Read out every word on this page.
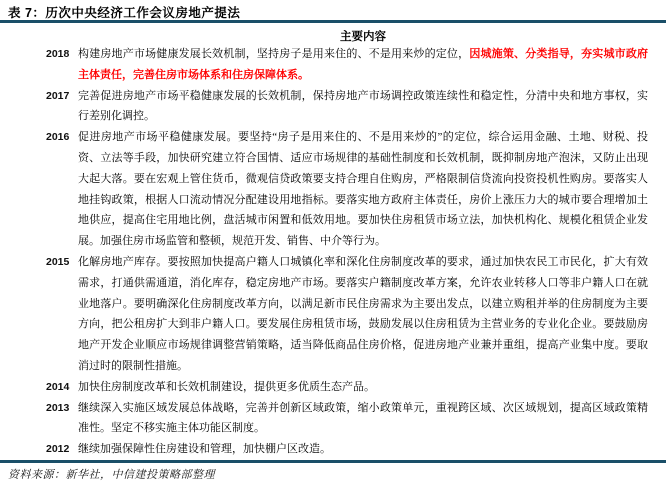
表 7：历次中央经济工作会议房地产提法
主要内容
2018 构建房地产市场健康发展长效机制，坚持房子是用来住的、不是用来炒的定位，因城施策、分类指导，夯实城市政府主体责任，完善住房市场体系和住房保障体系。
2017 完善促进房地产市场平稳健康发展的长效机制，保持房地产市场调控政策连续性和稳定性，分清中央和地方事权，实行差别化调控。
2016 促进房地产市场平稳健康发展。要坚持“房子是用来住的、不是用来炒的”的定位，综合运用金融、土地、财税、投资、立法等手段，加快研究建立符合国情、适应市场规律的基础性制度和长效机制，既抑制房地产泡沫，又防止出现大起大落。要在宏观上管住货币，微观信贷政策要支持合理自住购房，严格限制信贷流向投资投机性购房。要落实人地挂钩政策，根据人口流动情况分配建设用地指标。要落实地方政府主体责任，房价上涨压力大的城市要合理增加土地供应，提高住宅用地比例，盘活城市闲置和低效用地。要加快住房租赁市场立法，加快机构化、规模化租赁企业发展。加强住房市场监管和整顿，规范开发、销售、中介等行为。
2015 化解房地产库存。要按照加快提高户籍人口城镇化率和深化住房制度改革的要求，通过加快农民工市民化，扩大有效需求，打通供需通道，消化库存，稳定房地产市场。要落实户籍制度改革方案，允许农业转移人口等非户籍人口在就业地落户。要明确深化住房制度改革方向，以满足新市民住房需求为主要出发点，以建立购租并举的住房制度为主要方向，把公租房扩大到非户籍人口。要发展住房租赁市场，鼓励发展以住房租赁为主营业务的专业化企业。要鼓励房地产开发企业顺应市场规律调整营销策略，适当降低商品住房价格，促进房地产业兼并重组，提高产业集中度。要取消过时的限制性措施。
2014 加快住房制度改革和长效机制建设，提供更多优质生态产品。
2013 继续深入实施区域发展总体战略，完善并创新区域政策，缩小政策单元，重视跨区域、次区域规划，提高区域政策精准性。坚定不移实施主体功能区制度。
2012 继续加强保障性住房建设和管理，加快棚户区改造。
资料来源：新华社，中信建投策略部整理
